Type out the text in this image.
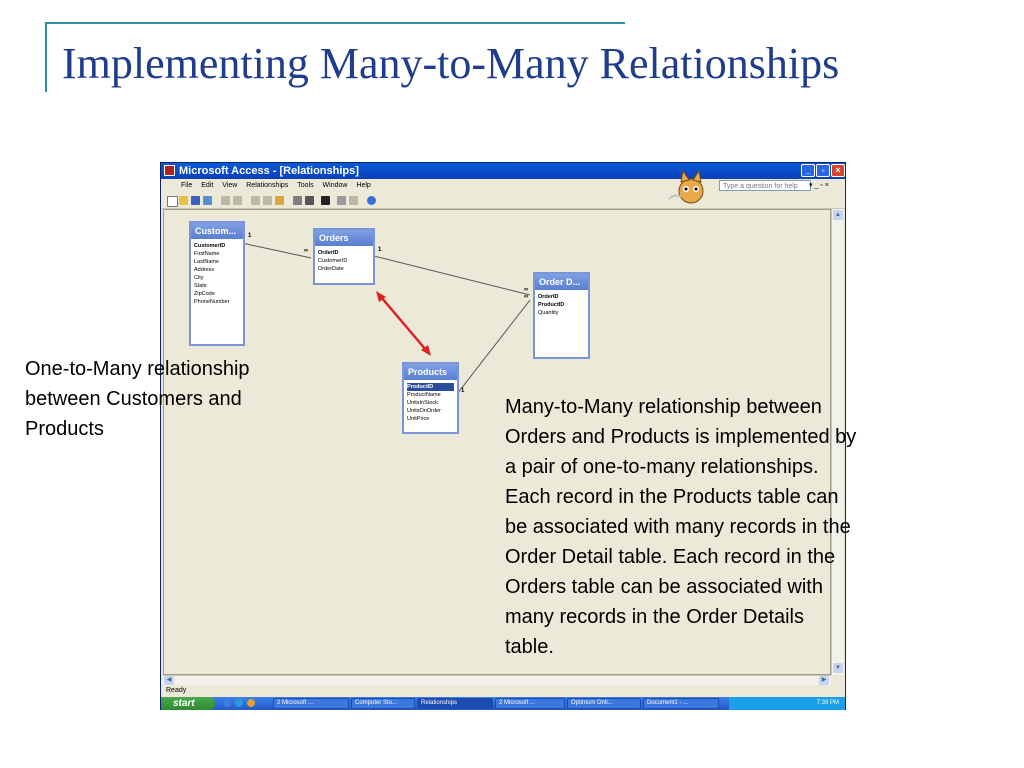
Implementing Many-to-Many Relationships
Microsoft Access - [Relationships]	_	▫	×
File Edit View Relationships Tools Window Help	Type a question for help	▾ _ ▫ ×
Custom...
CustomerID
FirstName
LastName
Address
City
State
ZipCode
PhoneNumber
Orders
OrderID
CustomerID
OrderDate
Order D...
OrderID
ProductID
Quantity
Products
ProductID
ProductName
UnitsInStock
UnitsOnOrder
UnitPrice
1
∞	1
∞
∞
1
▲
▼
◀	▶
Ready
start	2 Microsoft ...	Computer Sto...	Relationships	2 Microsoft ...	Optimum Onli...	Document1 - ...	7:39 PM
One-to-Many relationship
between Customers and
Products
Many-to-Many relationship between
Orders and Products is implemented by
a pair of one-to-many relationships.
Each record in the Products table can
be associated with many records in the
Order Detail table. Each record in the
Orders table can be associated with
many records in the Order Details
table.
